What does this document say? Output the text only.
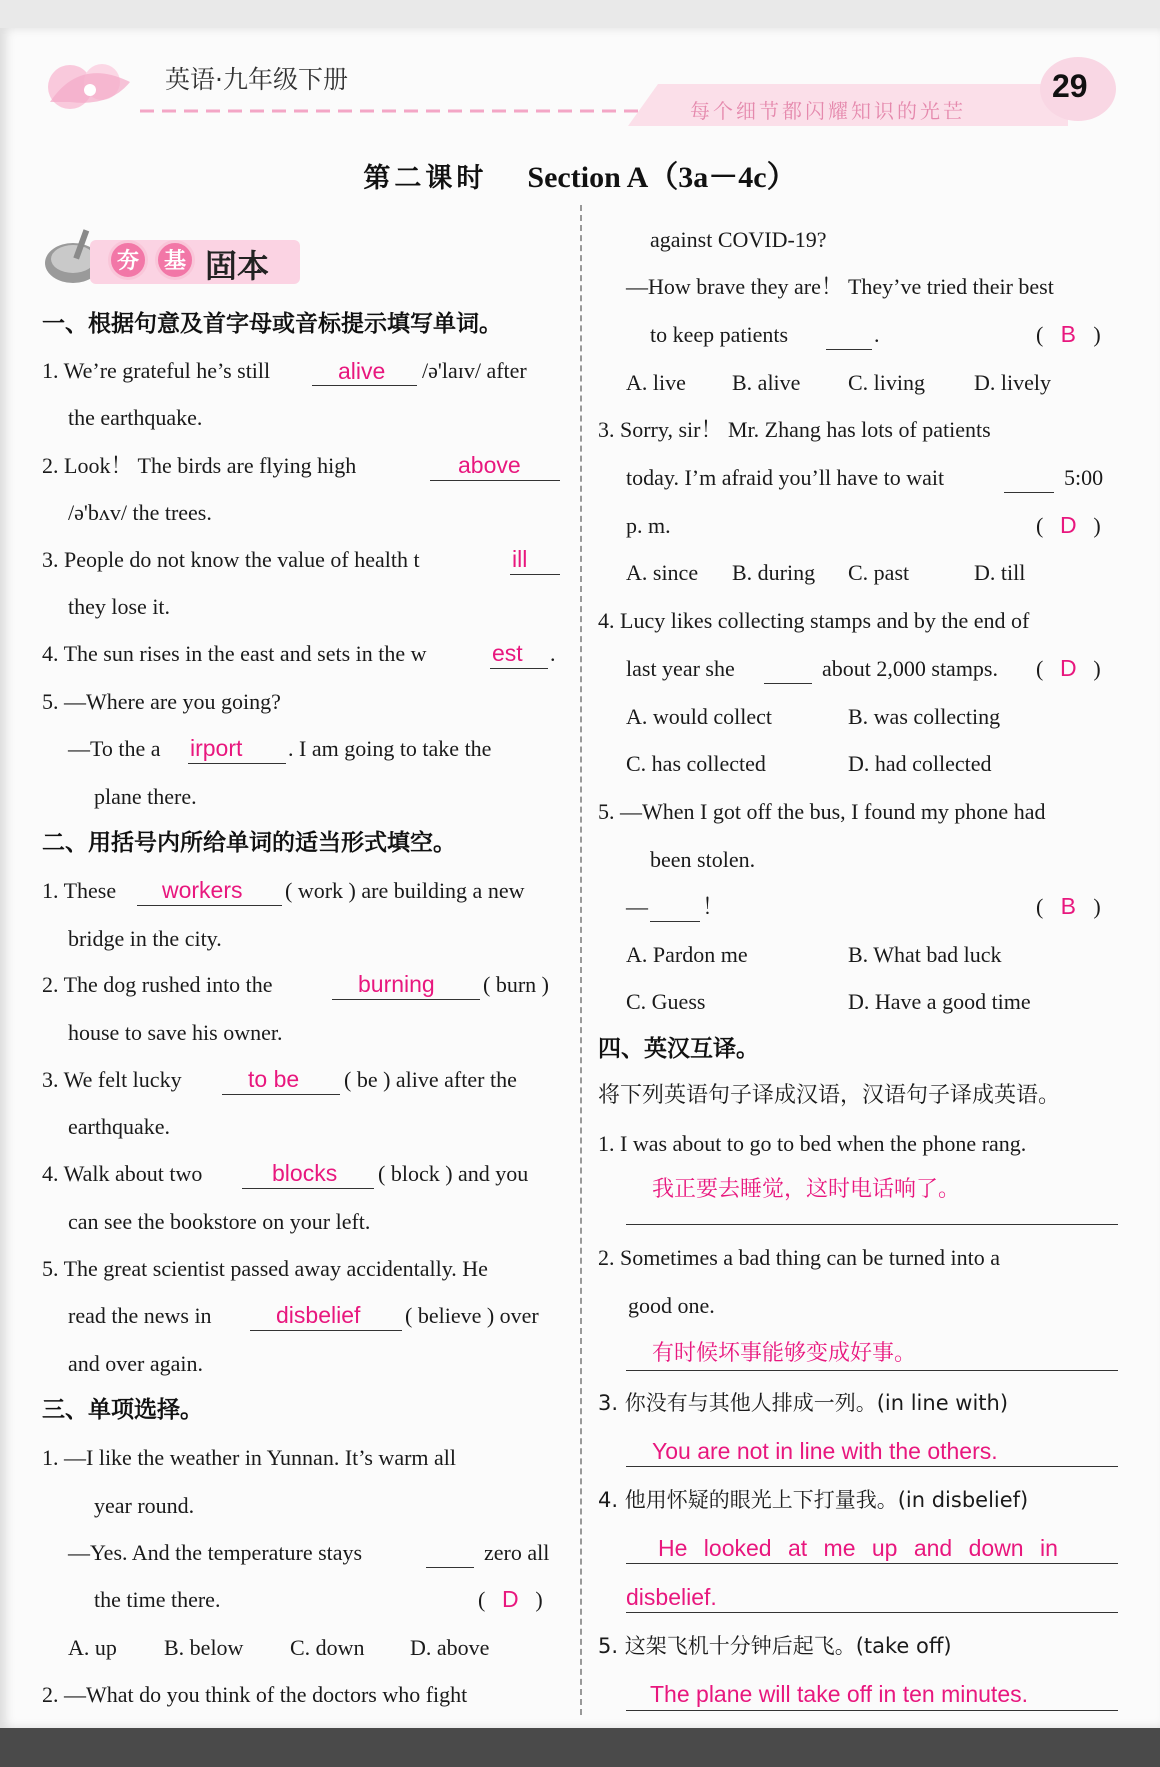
英语·九年级下册
每个细节都闪耀知识的光芒
29
第二课时 Section A（3a－4c）
夯	基 固本
一、根据句意及首字母或音标提示填写单词。
1. We’re grateful he’s still	alive /ə'laɪv/ after
the earthquake.
2. Look！ The birds are flying high	above
/ə'bʌv/ the trees.
3. People do not know the value of health t	ill
they lose it.
4. The sun rises in the east and sets in the w	est .
5. —Where are you going?
—To the a irport . I am going to take the
plane there.
二、用括号内所给单词的适当形式填空。
1. These workers ( work ) are building a new
bridge in the city.
2. The dog rushed into the	burning ( burn )
house to save his owner.
3. We felt lucky	to be ( be ) alive after the
earthquake.
4. Walk about two	blocks ( block ) and you
can see the bookstore on your left.
5. The great scientist passed away accidentally. He
read the news in	disbelief ( believe ) over
and over again.
三、单项选择。
1. —I like the weather in Yunnan. It’s warm all
year round.
—Yes. And the temperature stays	zero all
the time there.	( D )
A. up B. below C. down D. above
2. —What do you think of the doctors who fight
against COVID-19?
—How brave they are！ They’ve tried their best
to keep patients	.	( B )
A. live B. alive C. living D. lively
3. Sorry, sir！ Mr. Zhang has lots of patients
today. I’m afraid you’ll have to wait	5:00
p. m.	( D )
A. since B. during C. past	D. till
4. Lucy likes collecting stamps and by the end of
last year she	about 2,000 stamps. ( D )
A. would collect	B. was collecting
C. has collected	D. had collected
5. —When I got off the bus, I found my phone had
been stolen.
— ！	( B )
A. Pardon me	B. What bad luck
C. Guess	D. Have a good time
四、英汉互译。
将下列英语句子译成汉语，汉语句子译成英语。
1. I was about to go to bed when the phone rang.
我正要去睡觉，这时电话响了。
2. Sometimes a bad thing can be turned into a
good one.
有时候坏事能够变成好事。
3. 你没有与其他人排成一列。(in line with)
You are not in line with the others.
4. 他用怀疑的眼光上下打量我。(in disbelief)
He looked at me up and down in
disbelief.
5. 这架飞机十分钟后起飞。(take off)
The plane will take off in ten minutes.
